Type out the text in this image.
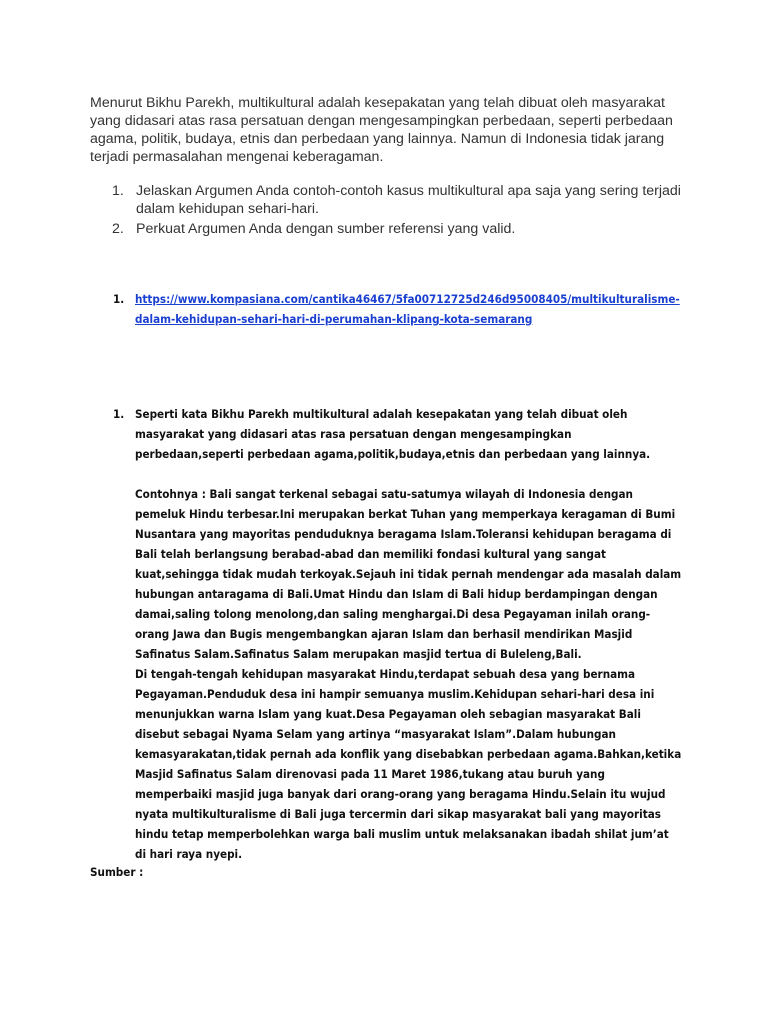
Menurut Bikhu Parekh, multikultural adalah kesepakatan yang telah dibuat oleh masyarakat yang didasari atas rasa persatuan dengan mengesampingkan perbedaan, seperti perbedaan agama, politik, budaya, etnis dan perbedaan yang lainnya. Namun di Indonesia tidak jarang terjadi permasalahan mengenai keberagaman.
1. Jelaskan Argumen Anda contoh-contoh kasus multikultural apa saja yang sering terjadi dalam kehidupan sehari-hari.
2. Perkuat Argumen Anda dengan sumber referensi yang valid.
1. https://www.kompasiana.com/cantika46467/5fa00712725d246d95008405/multikulturalisme-dalam-kehidupan-sehari-hari-di-perumahan-klipang-kota-semarang
1. Seperti kata Bikhu Parekh multikultural adalah kesepakatan yang telah dibuat oleh masyarakat yang didasari atas rasa persatuan dengan mengesampingkan perbedaan,seperti perbedaan agama,politik,budaya,etnis dan perbedaan yang lainnya.

Contohnya : Bali sangat terkenal sebagai satu-satumya wilayah di Indonesia dengan pemeluk Hindu terbesar.Ini merupakan berkat Tuhan yang memperkaya keragaman di Bumi Nusantara yang mayoritas penduduknya beragama Islam.Toleransi kehidupan beragama di Bali telah berlangsung berabad-abad dan memiliki fondasi kultural yang sangat kuat,sehingga tidak mudah terkoyak.Sejauh ini tidak pernah mendengar ada masalah dalam hubungan antaragama di Bali.Umat Hindu dan Islam di Bali hidup berdampingan dengan damai,saling tolong menolong,dan saling menghargai.Di desa Pegayaman inilah orang-orang Jawa dan Bugis mengembangkan ajaran Islam dan berhasil mendirikan Masjid Safinatus Salam.Safinatus Salam merupakan masjid tertua di Buleleng,Bali.

Di tengah-tengah kehidupan masyarakat Hindu,terdapat sebuah desa yang bernama Pegayaman.Penduduk desa ini hampir semuanya muslim.Kehidupan sehari-hari desa ini menunjukkan warna Islam yang kuat.Desa Pegayaman oleh sebagian masyarakat Bali disebut sebagai Nyama Selam yang artinya “masyarakat Islam”.Dalam hubungan kemasyarakatan,tidak pernah ada konflik yang disebabkan perbedaan agama.Bahkan,ketika Masjid Safinatus Salam direnovasi pada 11 Maret 1986,tukang atau buruh yang memperbaiki masjid juga banyak dari orang-orang yang beragama Hindu.Selain itu wujud nyata multikulturalisme di Bali juga tercermin dari sikap masyarakat bali yang mayoritas hindu tetap memperbolehkan warga bali muslim untuk melaksanakan ibadah shilat jum’at di hari raya nyepi.

Sumber :
